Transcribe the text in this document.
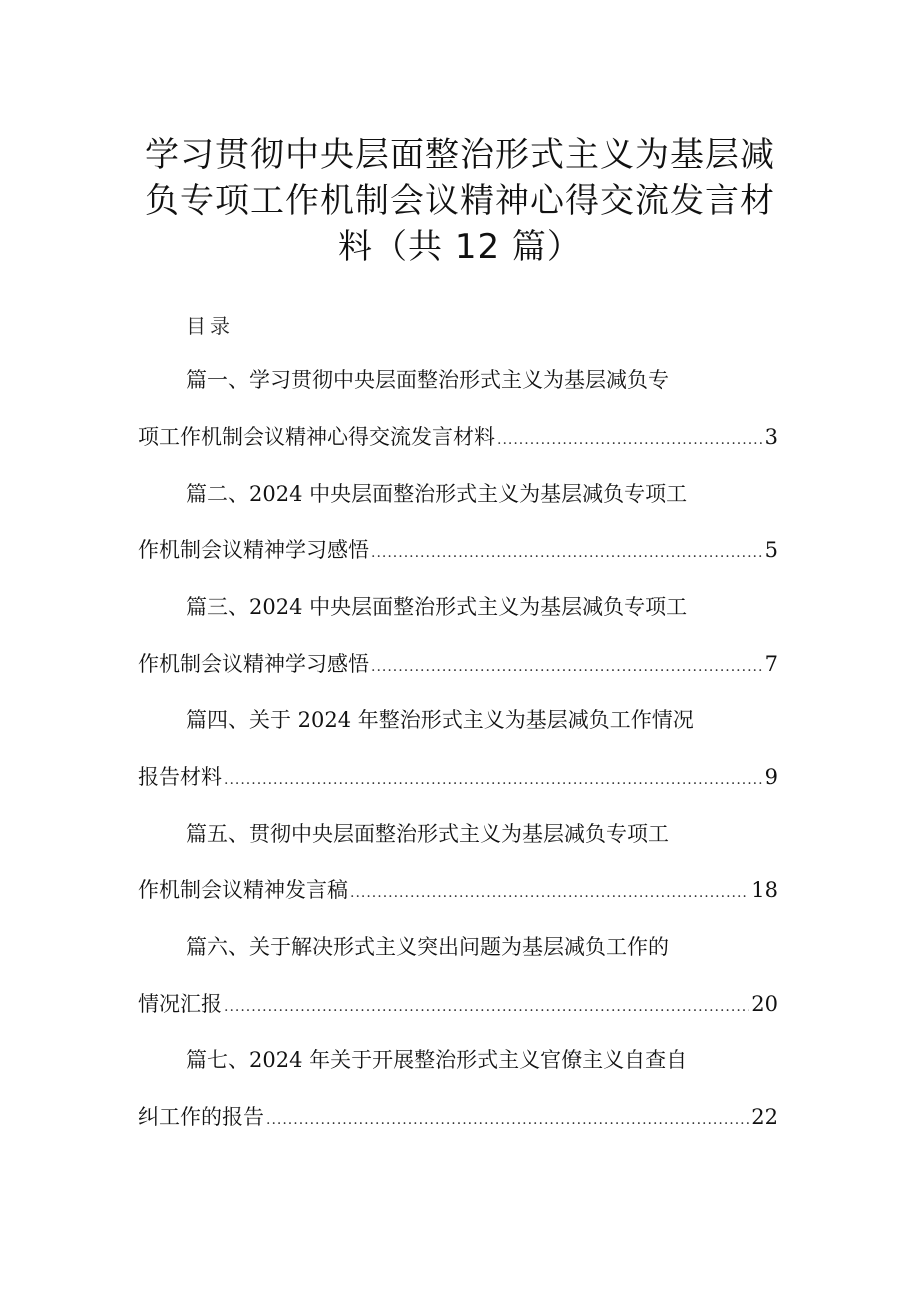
学习贯彻中央层面整治形式主义为基层减
负专项工作机制会议精神心得交流发言材
料（共 12 篇）
目录
篇一、学习贯彻中央层面整治形式主义为基层减负专
项工作机制会议精神心得交流发言材料 .....	3
篇二、2024 中央层面整治形式主义为基层减负专项工
作机制会议精神学习感悟 .....	5
篇三、2024 中央层面整治形式主义为基层减负专项工
作机制会议精神学习感悟 .....	7
篇四、关于 2024 年整治形式主义为基层减负工作情况
报告材料 .....	9
篇五、贯彻中央层面整治形式主义为基层减负专项工
作机制会议精神发言稿 .....	18
篇六、关于解决形式主义突出问题为基层减负工作的
情况汇报 .....	20
篇七、2024 年关于开展整治形式主义官僚主义自查自
纠工作的报告 .....	22
